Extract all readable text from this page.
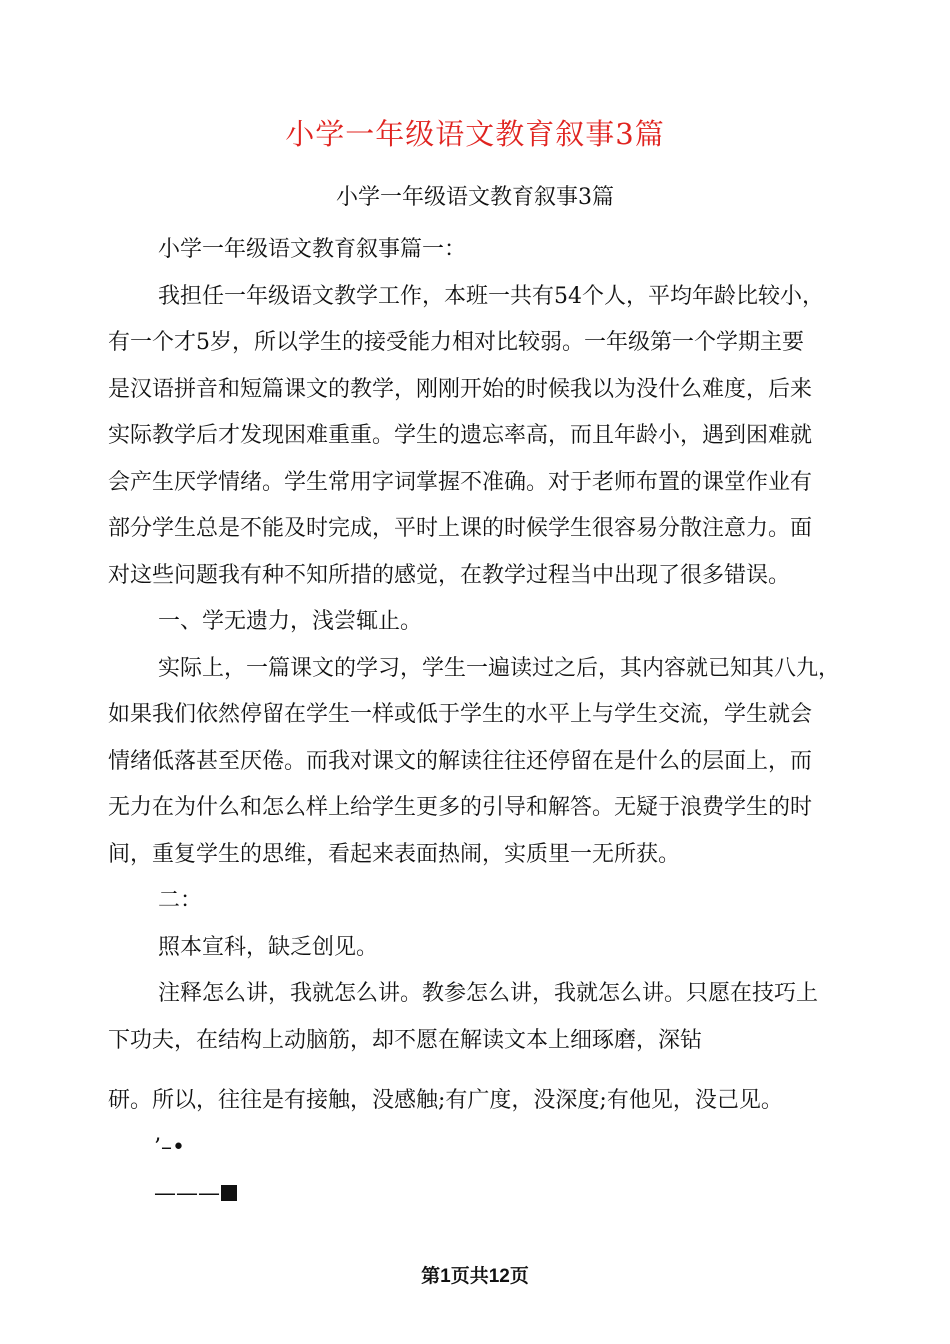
小学一年级语文教育叙事3篇
小学一年级语文教育叙事3篇
小学一年级语文教育叙事篇一：
我担任一年级语文教学工作，本班一共有54个人，平均年龄比较小，
有一个才5岁，所以学生的接受能力相对比较弱。一年级第一个学期主要
是汉语拼音和短篇课文的教学，刚刚开始的时候我以为没什么难度，后来
实际教学后才发现困难重重。学生的遗忘率高，而且年龄小，遇到困难就
会产生厌学情绪。学生常用字词掌握不准确。对于老师布置的课堂作业有
部分学生总是不能及时完成，平时上课的时候学生很容易分散注意力。面
对这些问题我有种不知所措的感觉，在教学过程当中出现了很多错误。
一、学无遗力，浅尝辄止。
实际上，一篇课文的学习，学生一遍读过之后，其内容就已知其八九，
如果我们依然停留在学生一样或低于学生的水平上与学生交流，学生就会
情绪低落甚至厌倦。而我对课文的解读往往还停留在是什么的层面上，而
无力在为什么和怎么样上给学生更多的引导和解答。无疑于浪费学生的时
间，重复学生的思维，看起来表面热闹，实质里一无所获。
二：
照本宣科，缺乏创见。
注释怎么讲，我就怎么讲。教参怎么讲，我就怎么讲。只愿在技巧上
下功夫，在结构上动脑筋，却不愿在解读文本上细琢磨，深钻
研。所以，往往是有接触，没感触;有广度，没深度;有他见，没己见。
’–•
———
第1页共12页
